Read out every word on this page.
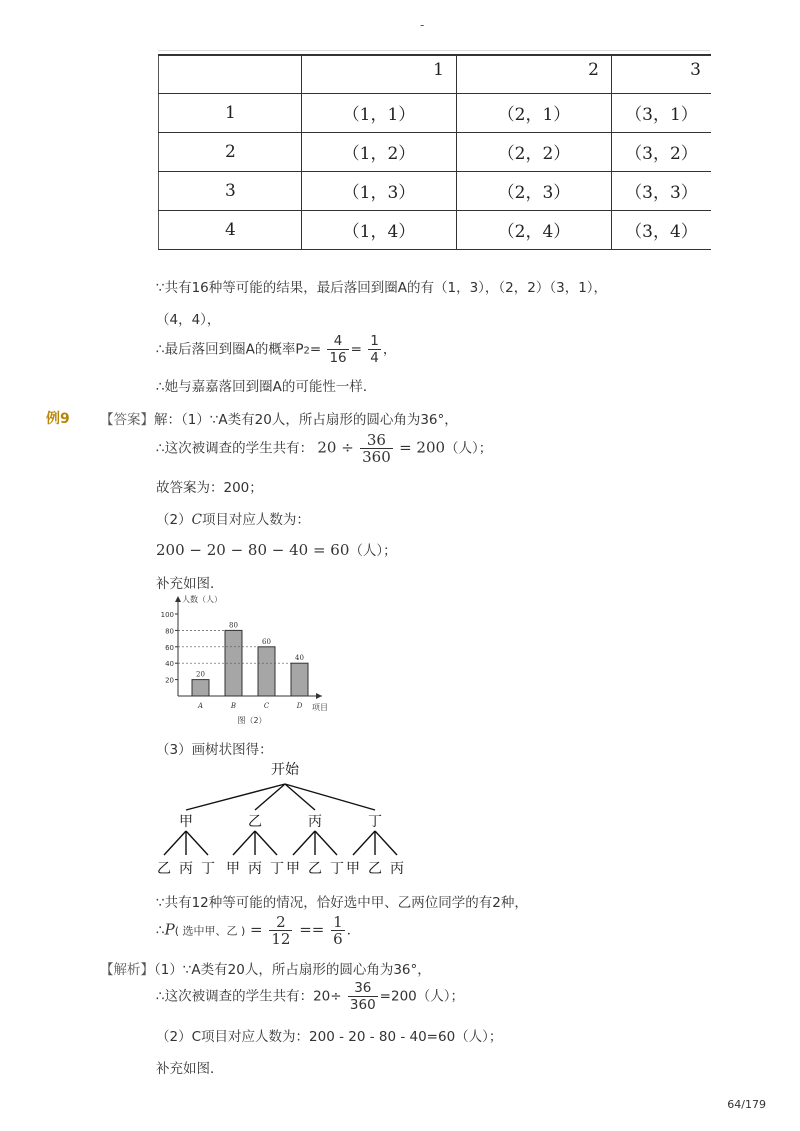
-
	1	2	3
1	（1，1）	（2，1）	（3，1）
2	（1，2）	（2，2）	（3，2）
3	（1，3）	（2，3）	（3，3）
4	（1，4）	（2，4）	（3，4）
∵共有16种等可能的结果，最后落回到圈A的有（1，3），（2，2）（3，1），
（4，4），
∴最后落回到圈A的概率$P2= \frac{4}{16} = \frac{1}{4}$ ，
∴她与嘉嘉落回到圈A的可能性一样．
例9 【答案】解：（1）∵A类有20人，所占扇形的圆心角为36°，
∴这次被调查的学生共有： $20 \div \frac{36}{360} = 200$（人）；
故答案为：200；
（2）C项目对应人数为：
200 − 20 − 80 − 40 = 60（人）；
补充如图．
20
40
60
80
100
人数（人）
项目
20
A
80
B
60
C
40
D
图（2）
（3）画树状图得：
开始
甲
乙 丙 丁
乙
甲 丙 丁
丙
甲 乙 丁
丁
甲 乙 丙
∵共有12种等可能的情况，恰好选中甲、乙两位同学的有2种，
∴P( 选中甲、乙 ) = $\frac{2}{12} == \frac{1}{6}$ ．
【解析】（1）∵A类有20人，所占扇形的圆心角为36°，
∴这次被调查的学生共有：$20\div \frac{36}{360} =200$（人）；
（2）C项目对应人数为：200 - 20 - 80 - 40=60（人）；
补充如图．
64/179
